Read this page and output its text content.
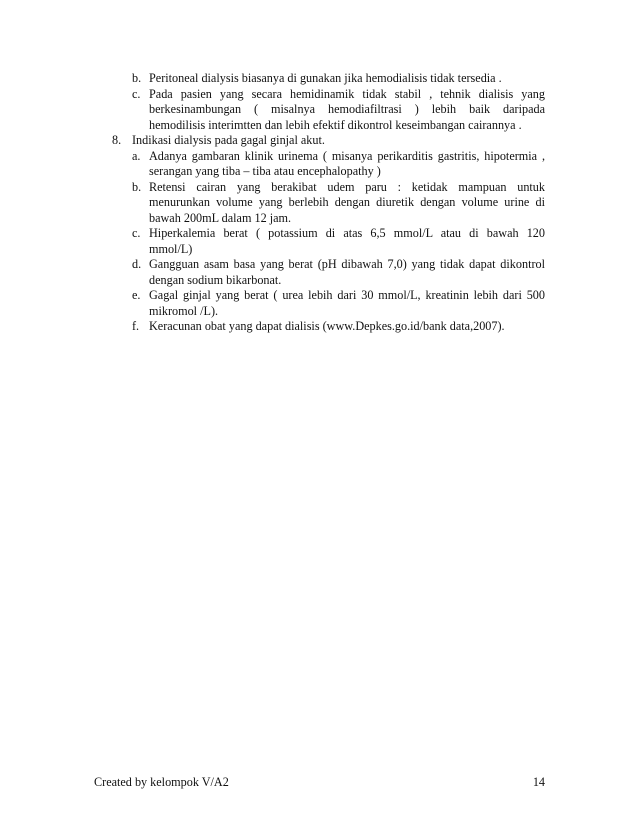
b. Peritoneal dialysis biasanya di gunakan jika hemodialisis tidak tersedia .
c. Pada pasien yang secara hemidinamik tidak stabil , tehnik dialisis yang
berkesinambungan ( misalnya hemodiafiltrasi ) lebih baik daripada
hemodilisis interimtten dan lebih efektif dikontrol keseimbangan cairannya .
8. Indikasi dialysis pada gagal ginjal akut.
a. Adanya gambaran klinik urinema ( misanya perikarditis gastritis, hipotermia ,
serangan yang tiba – tiba atau encephalopathy )
b. Retensi cairan yang berakibat udem paru : ketidak mampuan untuk
menurunkan volume yang berlebih dengan diuretik dengan volume urine di
bawah 200mL dalam 12 jam.
c. Hiperkalemia berat ( potassium di atas 6,5 mmol/L atau di bawah 120
mmol/L)
d. Gangguan asam basa yang berat (pH dibawah 7,0) yang tidak dapat dikontrol
dengan sodium bikarbonat.
e. Gagal ginjal yang berat ( urea lebih dari 30 mmol/L, kreatinin lebih dari 500
mikromol /L).
f. Keracunan obat yang dapat dialisis (www.Depkes.go.id/bank data,2007).
Created by kelompok V/A2	14
